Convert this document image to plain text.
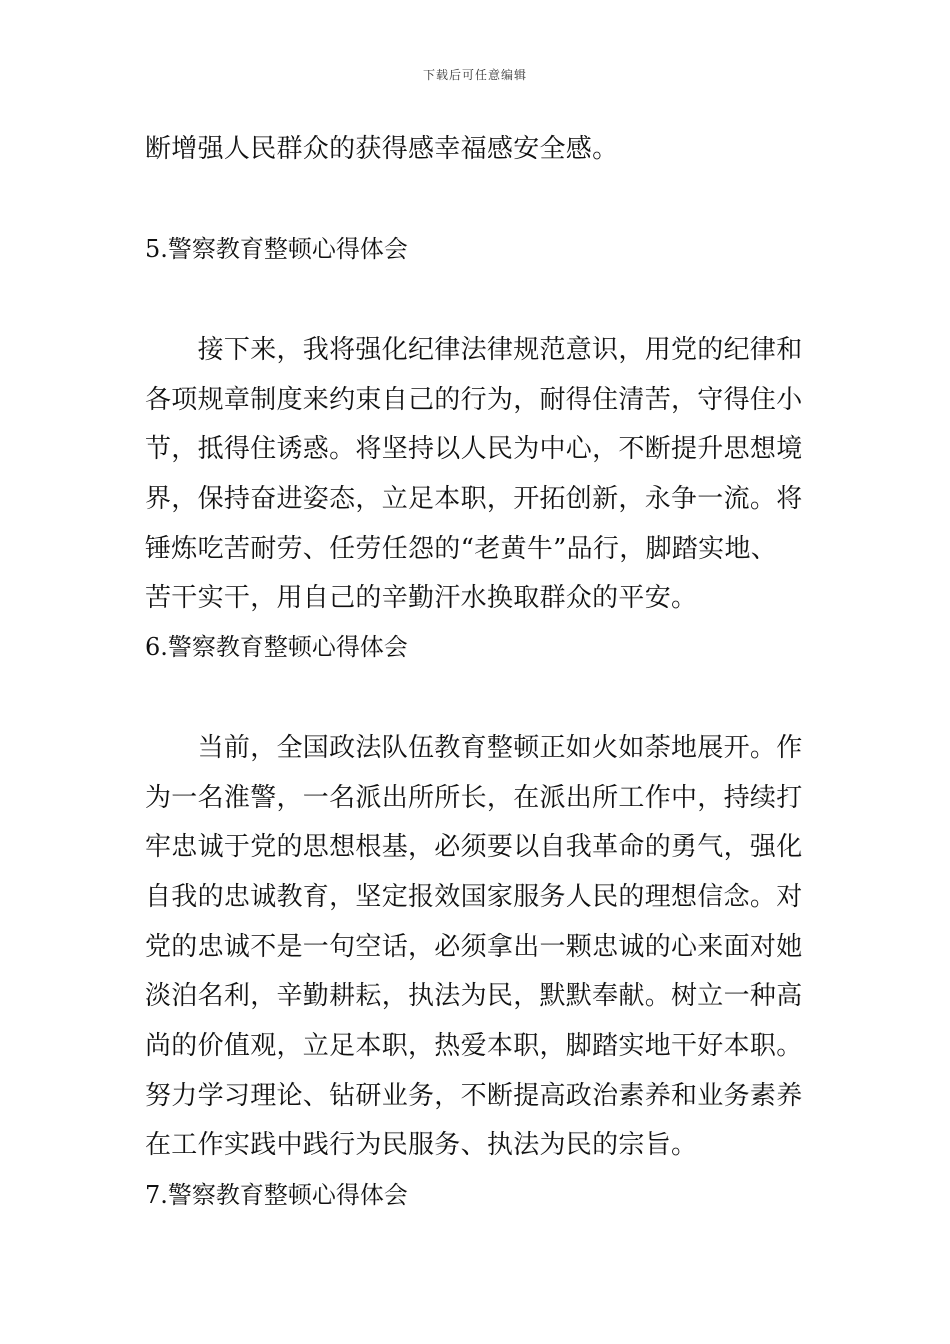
下载后可任意编辑
断增强人民群众的获得感幸福感安全感。
5.警察教育整顿心得体会
　　接下来，我将强化纪律法律规范意识，用党的纪律和
各项规章制度来约束自己的行为，耐得住清苦，守得住小
节，抵得住诱惑。将坚持以人民为中心，不断提升思想境
界，保持奋进姿态，立足本职，开拓创新，永争一流。将
锤炼吃苦耐劳、任劳任怨的“老黄牛”品行，脚踏实地、
苦干实干，用自己的辛勤汗水换取群众的平安。
6.警察教育整顿心得体会
　　当前，全国政法队伍教育整顿正如火如荼地展开。作
为一名淮警，一名派出所所长，在派出所工作中，持续打
牢忠诚于党的思想根基，必须要以自我革命的勇气，强化
自我的忠诚教育，坚定报效国家服务人民的理想信念。对
党的忠诚不是一句空话，必须拿出一颗忠诚的心来面对她
淡泊名利，辛勤耕耘，执法为民，默默奉献。树立一种高
尚的价值观，立足本职，热爱本职，脚踏实地干好本职。
努力学习理论、钻研业务，不断提高政治素养和业务素养
在工作实践中践行为民服务、执法为民的宗旨。
7.警察教育整顿心得体会
